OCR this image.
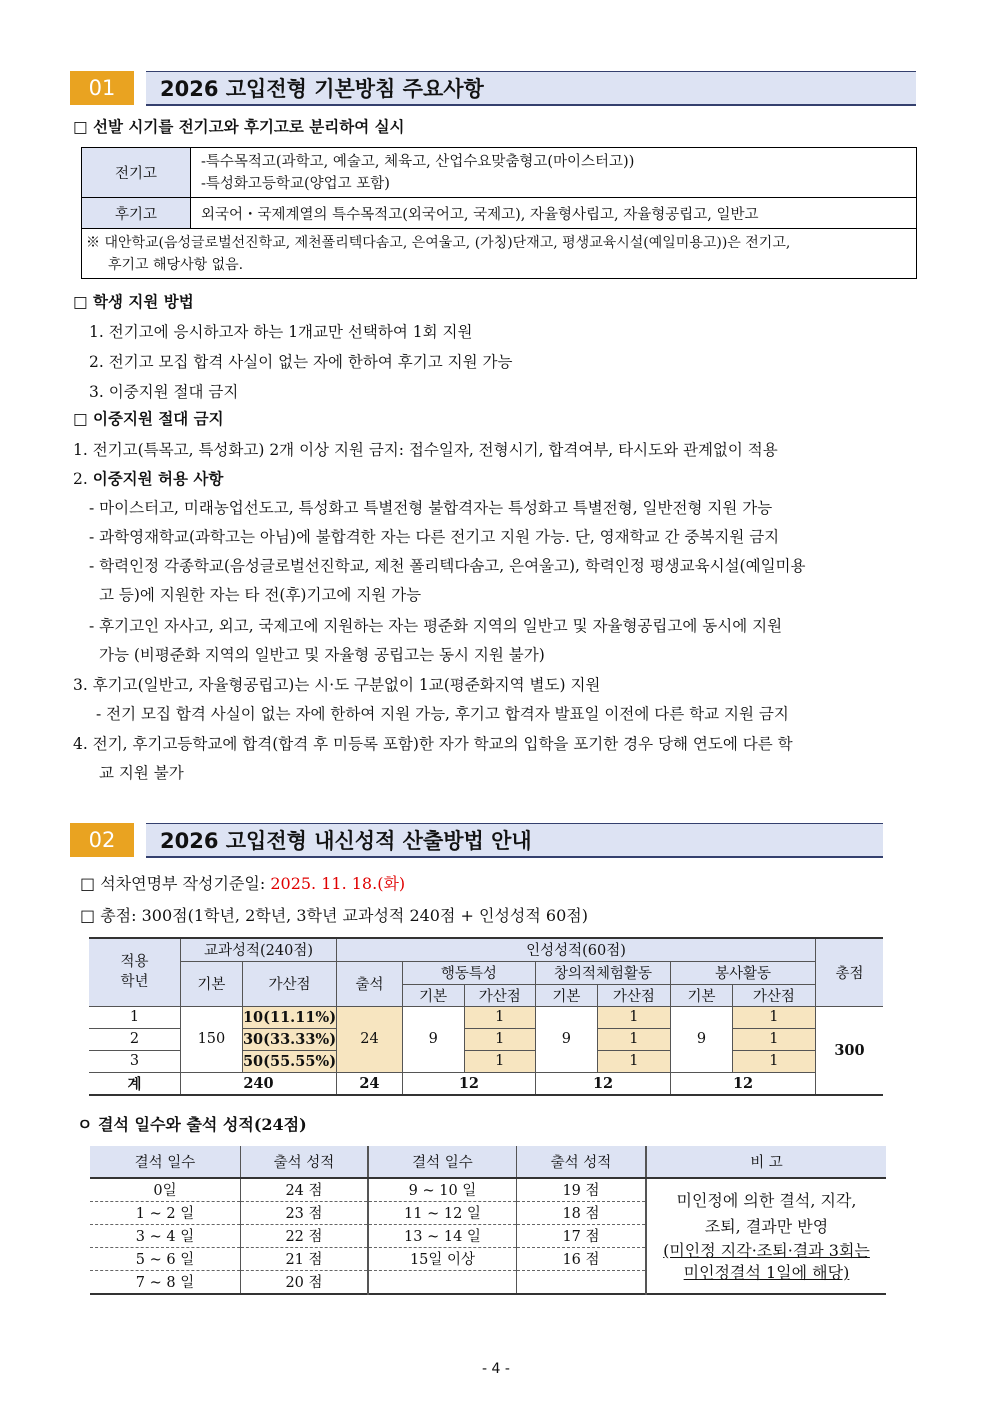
01	2026 고입전형 기본방침 주요사항
□ 선발 시기를 전기고와 후기고로 분리하여 실시
전기고	-특수목적고(과학고, 예술고, 체육고, 산업수요맞춤형고(마이스터고))
-특성화고등학교(양업고 포함)

후기고	외국어・국제계열의 특수목적고(외국어고, 국제고), 자율형사립고, 자율형공립고, 일반고

※ 대안학교(음성글로벌선진학교, 제천폴리텍다솜고, 은여울고, (가칭)단재고, 평생교육시설(예일미용고))은 전기고,
후기고 해당사항 없음.	
□ 학생 지원 방법
1. 전기고에 응시하고자 하는 1개교만 선택하여 1회 지원
2. 전기고 모집 합격 사실이 없는 자에 한하여 후기고 지원 가능
3. 이중지원 절대 금지
□ 이중지원 절대 금지
1. 전기고(특목고, 특성화고) 2개 이상 지원 금지: 접수일자, 전형시기, 합격여부, 타시도와 관계없이 적용
2. 이중지원 허용 사항
- 마이스터고, 미래농업선도고, 특성화고 특별전형 불합격자는 특성화고 특별전형, 일반전형 지원 가능
- 과학영재학교(과학고는 아님)에 불합격한 자는 다른 전기고 지원 가능. 단, 영재학교 간 중복지원 금지
- 학력인정 각종학교(음성글로벌선진학교, 제천 폴리텍다솜고, 은여울고), 학력인정 평생교육시설(예일미용
고 등)에 지원한 자는 타 전(후)기고에 지원 가능
- 후기고인 자사고, 외고, 국제고에 지원하는 자는 평준화 지역의 일반고 및 자율형공립고에 동시에 지원
가능 (비평준화 지역의 일반고 및 자율형 공립고는 동시 지원 불가)
3. 후기고(일반고, 자율형공립고)는 시·도 구분없이 1교(평준화지역 별도) 지원
- 전기 모집 합격 사실이 없는 자에 한하여 지원 가능, 후기고 합격자 발표일 이전에 다른 학교 지원 금지
4. 전기, 후기고등학교에 합격(합격 후 미등록 포함)한 자가 학교의 입학을 포기한 경우 당해 연도에 다른 학
교 지원 불가
02	2026 고입전형 내신성적 산출방법 안내
□ 석차연명부 작성기준일: 2025. 11. 18.(화)
□ 총점: 300점(1학년, 2학년, 3학년 교과성적 240점 + 인성성적 60점)
적용
학년	교과성적(240점)		인성성적(60점)							총점
	기본	가산점	출석	행동특성		창의적체험활동		봉사활동		
				기본	가산점	기본	가산점	기본	가산점	
1	150	10(11.11%)	24	9	1	9	1	9	1	300
2		30(33.33%)			1		1		1	
3		50(55.55%)			1		1		1	
계	240		24	12		12		12		
ㅇ 결석 일수와 출석 성적(24점)
결석 일수	출석 성적	결석 일수	출석 성적	비 고
0일	24 점	9 ~ 10 일	19 점	미인정에 의한 결석, 지각,
조퇴, 결과만 반영
(미인정 지각·조퇴·결과 3회는
미인정결석 1일에 해당)

1 ~ 2 일	23 점	11 ~ 12 일	18 점	
3 ~ 4 일	22 점	13 ~ 14 일	17 점	
5 ~ 6 일	21 점	15일 이상	16 점	
7 ~ 8 일	20 점			
- 4 -
